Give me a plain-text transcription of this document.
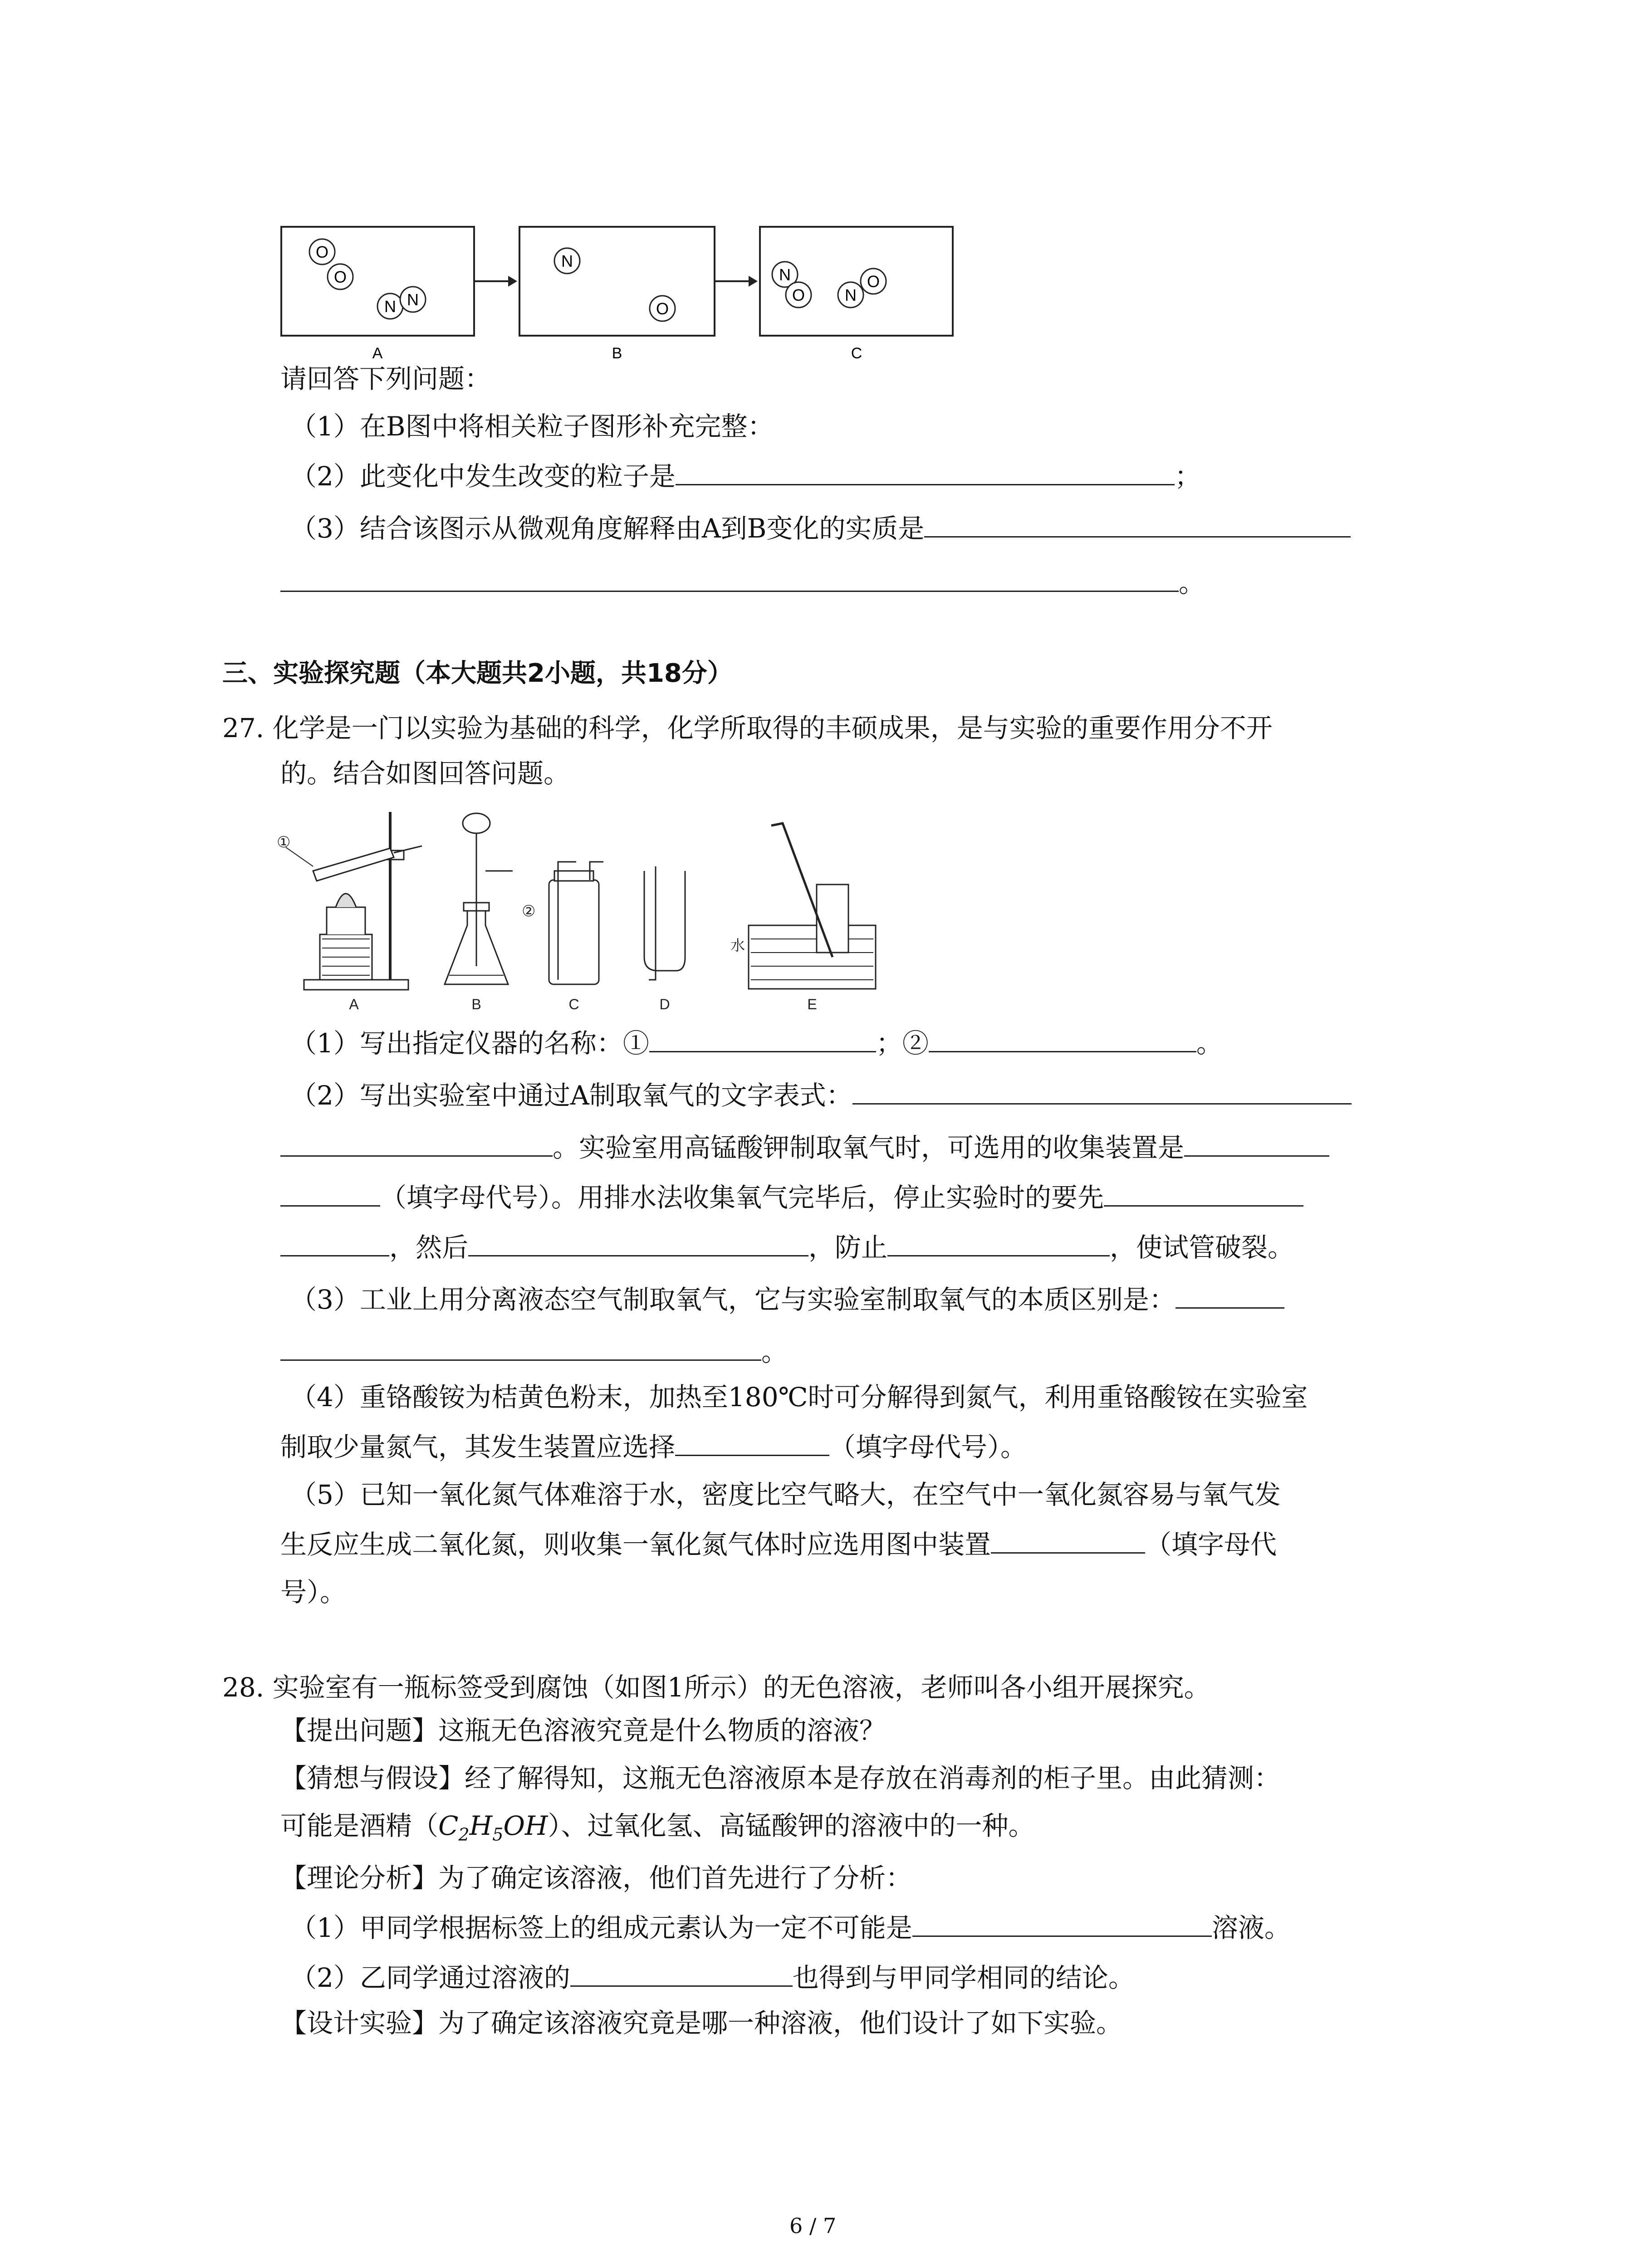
O
O
N N
A
N
O
B
N
O N
O
C
请回答下列问题：
（1）在B图中将相关粒子图形补充完整：
（2）此变化中发生改变的粒子是	；
（3）结合该图示从微观角度解释由A到B变化的实质是
。
三、实验探究题（本大题共2小题，共18分）
27. 化学是一门以实验为基础的科学，化学所取得的丰硕成果，是与实验的重要作用分不开
的。结合如图回答问题。
①
A	B
②
C	D
水
E
（1）写出指定仪器的名称：①	；②	。
（2）写出实验室中通过A制取氧气的文字表式：
。实验室用高锰酸钾制取氧气时，可选用的收集装置是
（填字母代号）。用排水法收集氧气完毕后，停止实验时的要先
，然后	，防止	，使试管破裂。
（3）工业上用分离液态空气制取氧气，它与实验室制取氧气的本质区别是：
。
（4）重铬酸铵为桔黄色粉末，加热至180℃时可分解得到氮气，利用重铬酸铵在实验室
制取少量氮气，其发生装置应选择	（填字母代号）。
（5）已知一氧化氮气体难溶于水，密度比空气略大，在空气中一氧化氮容易与氧气发
生反应生成二氧化氮，则收集一氧化氮气体时应选用图中装置	（填字母代
号）。
28. 实验室有一瓶标签受到腐蚀（如图1所示）的无色溶液，老师叫各小组开展探究。
【提出问题】这瓶无色溶液究竟是什么物质的溶液？
【猜想与假设】经了解得知，这瓶无色溶液原本是存放在消毒剂的柜子里。由此猜测：
可能是酒精$(C_2H_5OH)$、过氧化氢、高锰酸钾的溶液中的一种。
【理论分析】为了确定该溶液，他们首先进行了分析：
（1）甲同学根据标签上的组成元素认为一定不可能是	溶液。
（2）乙同学通过溶液的	也得到与甲同学相同的结论。
【设计实验】为了确定该溶液究竟是哪一种溶液，他们设计了如下实验。
6 / 7
